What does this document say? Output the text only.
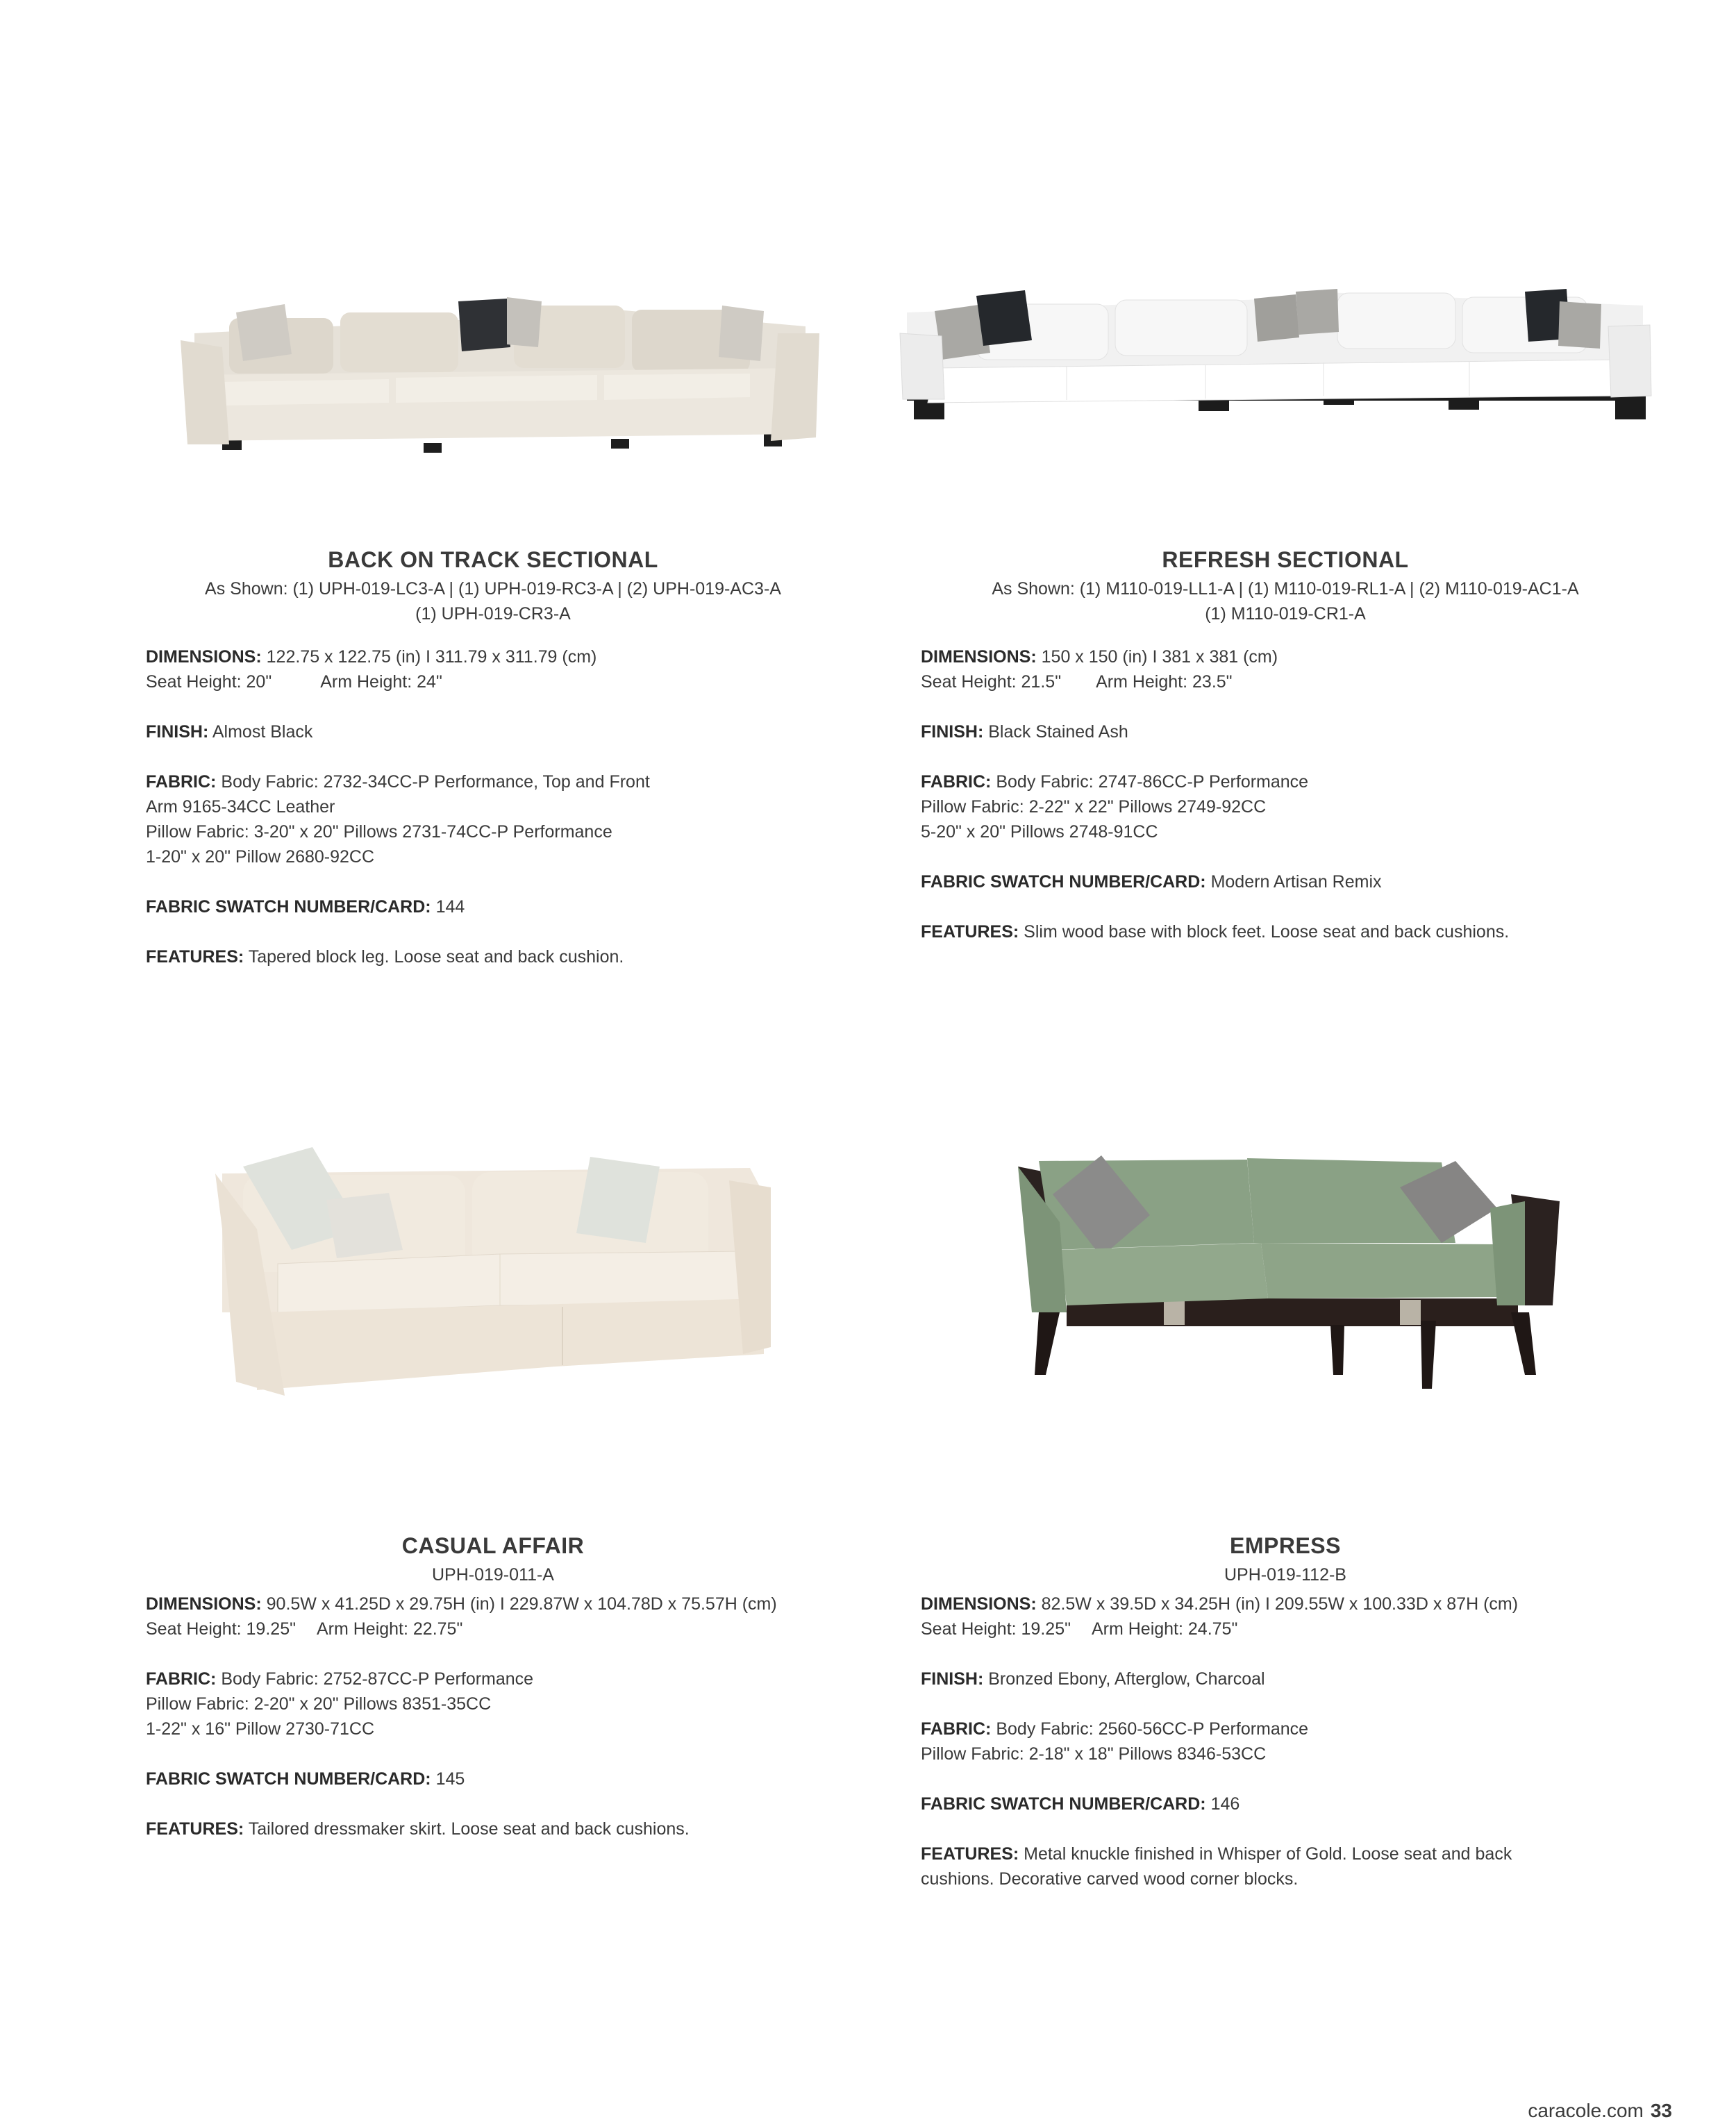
BACK ON TRACK SECTIONAL
As Shown: (1) UPH-019-LC3-A | (1) UPH-019-RC3-A | (2) UPH-019-AC3-A
(1) UPH-019-CR3-A

DIMENSIONS: 122.75 x 122.75 (in) I 311.79 x 311.79 (cm)

Seat Height: 20"	Arm Height: 24"

FINISH: Almost Black

FABRIC: Body Fabric: 2732-34CC-P Performance, Top and Front

Arm 9165-34CC Leather

Pillow Fabric: 3-20" x 20" Pillows 2731-74CC-P Performance

1-20" x 20" Pillow 2680-92CC

FABRIC SWATCH NUMBER/CARD: 144

FEATURES: Tapered block leg. Loose seat and back cushion.

REFRESH SECTIONAL
As Shown: (1) M110-019-LL1-A | (1) M110-019-RL1-A | (2) M110-019-AC1-A
(1) M110-019-CR1-A

DIMENSIONS: 150 x 150 (in) I 381 x 381 (cm)

Seat Height: 21.5" Arm Height: 23.5"

FINISH: Black Stained Ash

FABRIC: Body Fabric: 2747-86CC-P Performance

Pillow Fabric: 2-22" x 22" Pillows 2749-92CC

5-20" x 20" Pillows 2748-91CC

FABRIC SWATCH NUMBER/CARD: Modern Artisan Remix

FEATURES: Slim wood base with block feet. Loose seat and back cushions.

CASUAL AFFAIR
UPH-019-011-A

DIMENSIONS: 90.5W x 41.25D x 29.75H (in) I 229.87W x 104.78D x 75.57H (cm)

Seat Height: 19.25" Arm Height: 22.75"

FABRIC: Body Fabric: 2752-87CC-P Performance

Pillow Fabric: 2-20" x 20" Pillows 8351-35CC

1-22" x 16" Pillow 2730-71CC

FABRIC SWATCH NUMBER/CARD: 145

FEATURES: Tailored dressmaker skirt. Loose seat and back cushions.

EMPRESS
UPH-019-112-B

DIMENSIONS: 82.5W x 39.5D x 34.25H (in) I 209.55W x 100.33D x 87H (cm)

Seat Height: 19.25" Arm Height: 24.75"

FINISH: Bronzed Ebony, Afterglow, Charcoal

FABRIC: Body Fabric: 2560-56CC-P Performance

Pillow Fabric: 2-18" x 18" Pillows 8346-53CC

FABRIC SWATCH NUMBER/CARD: 146

FEATURES: Metal knuckle finished in Whisper of Gold. Loose seat and back

cushions. Decorative carved wood corner blocks.

caracole.com 33
